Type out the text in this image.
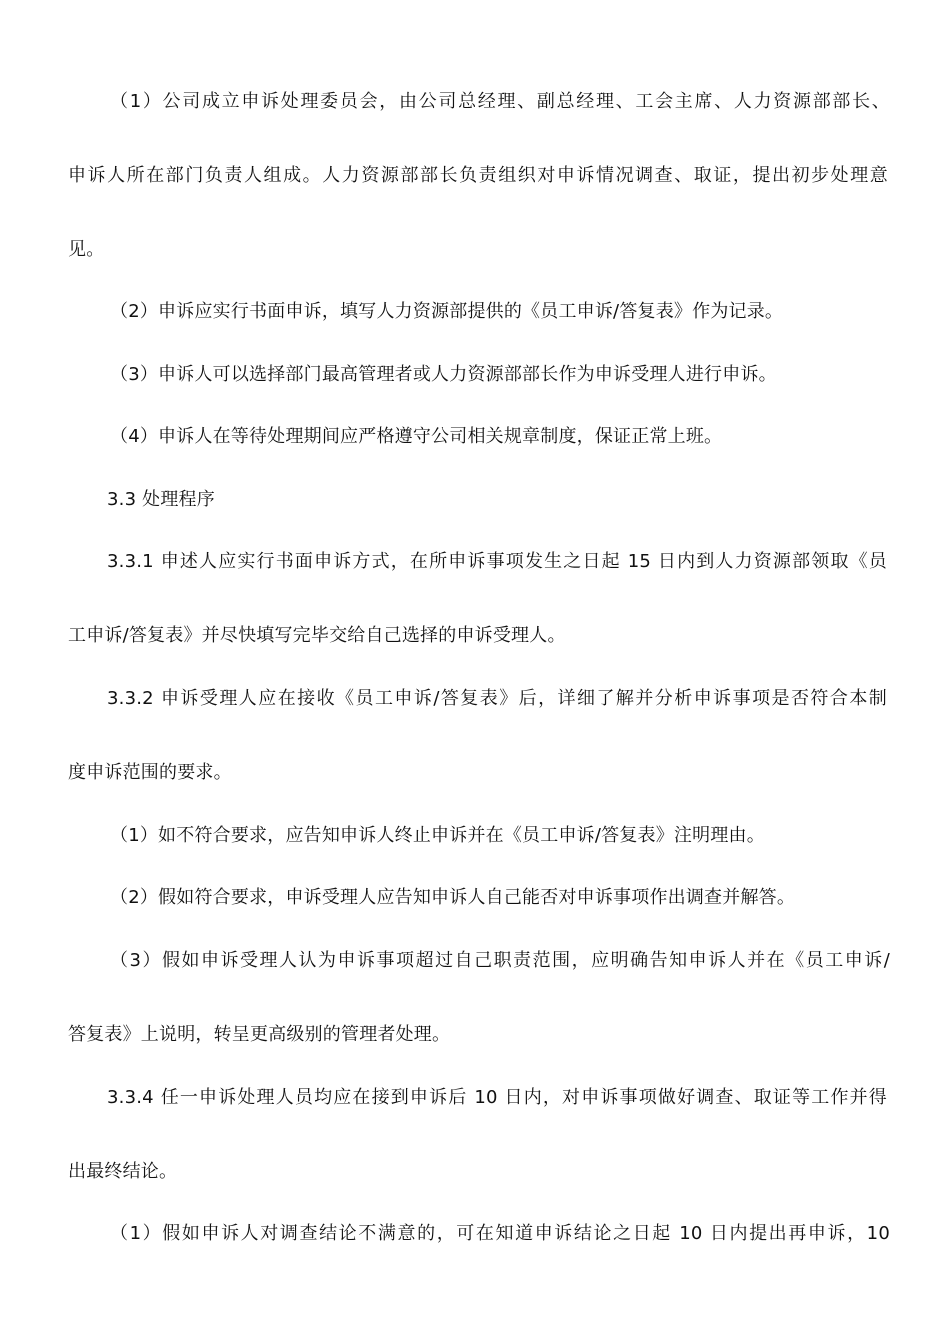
（1）公司成立申诉处理委员会，由公司总经理、副总经理、工会主席、人力资源部部长、
申诉人所在部门负责人组成。人力资源部部长负责组织对申诉情况调查、取证，提出初步处理意
见。
（2）申诉应实行书面申诉，填写人力资源部提供的《员工申诉/答复表》作为记录。
（3）申诉人可以选择部门最高管理者或人力资源部部长作为申诉受理人进行申诉。
（4）申诉人在等待处理期间应严格遵守公司相关规章制度，保证正常上班。
3.3 处理程序
3.3.1 申述人应实行书面申诉方式，在所申诉事项发生之日起 15 日内到人力资源部领取《员
工申诉/答复表》并尽快填写完毕交给自己选择的申诉受理人。
3.3.2 申诉受理人应在接收《员工申诉/答复表》后，详细了解并分析申诉事项是否符合本制
度申诉范围的要求。
（1）如不符合要求，应告知申诉人终止申诉并在《员工申诉/答复表》注明理由。
（2）假如符合要求，申诉受理人应告知申诉人自己能否对申诉事项作出调查并解答。
（3）假如申诉受理人认为申诉事项超过自己职责范围，应明确告知申诉人并在《员工申诉/
答复表》上说明，转呈更高级别的管理者处理。
3.3.4 任一申诉处理人员均应在接到申诉后 10 日内，对申诉事项做好调查、取证等工作并得
出最终结论。
（1）假如申诉人对调查结论不满意的，可在知道申诉结论之日起 10 日内提出再申诉，10
